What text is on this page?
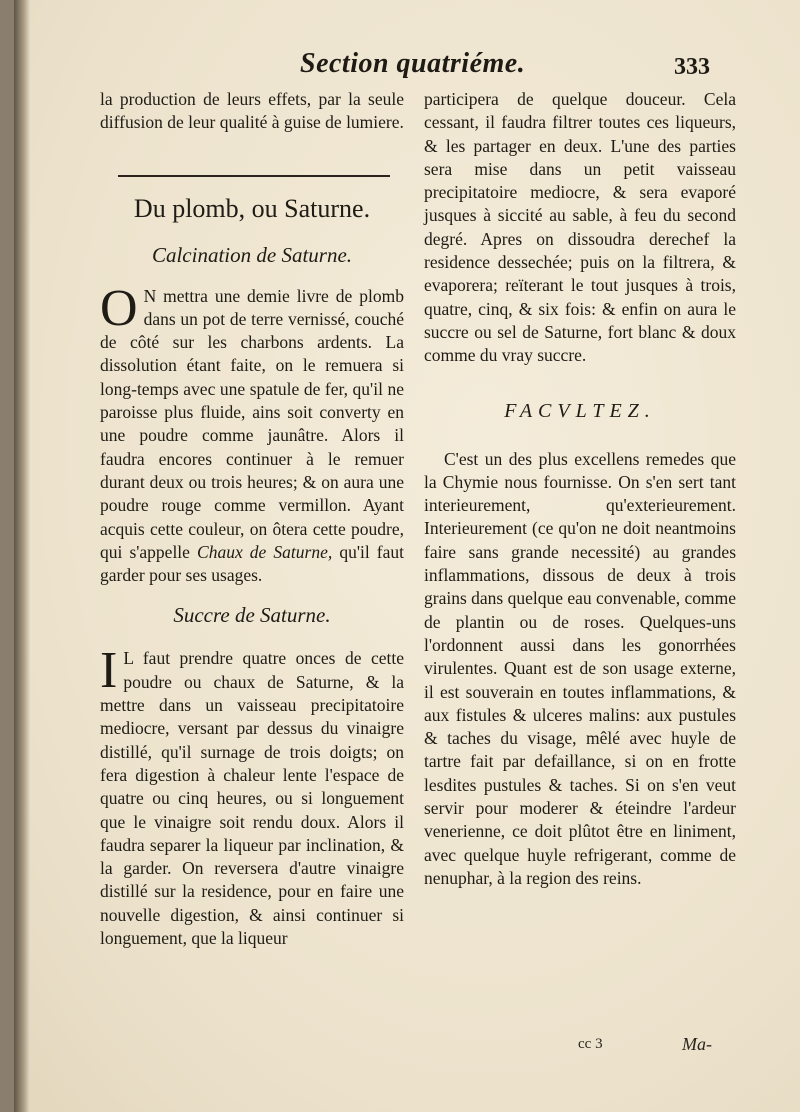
Section quatriéme.	333

la production de leurs effets, par la seule diffusion de leur qualité à guise de lumiere.

Du plomb, ou Saturne.
Calcination de Saturne.

O N mettra une demie livre de plomb dans un pot de terre vernissé, couché de côté sur les charbons ardents. La dissolution étant faite, on le remuera si long-temps avec une spatule de fer, qu'il ne paroisse plus fluide, ains soit converty en une poudre comme jaunâtre. Alors il faudra encores continuer à le remuer durant deux ou trois heures; & on aura une poudre rouge comme vermillon. Ayant acquis cette couleur, on ôtera cette poudre, qui s'appelle Chaux de Saturne, qu'il faut garder pour ses usages.

Succre de Saturne.

I L faut prendre quatre onces de cette poudre ou chaux de Saturne, & la mettre dans un vaisseau precipitatoire mediocre, versant par dessus du vinaigre distillé, qu'il surnage de trois doigts; on fera digestion à chaleur lente l'espace de quatre ou cinq heures, ou si longuement que le vinaigre soit rendu doux. Alors il faudra separer la liqueur par inclination, & la garder. On reversera d'autre vinaigre distillé sur la residence, pour en faire une nouvelle digestion, & ainsi continuer si longuement, que la liqueur

participera de quelque douceur. Cela cessant, il faudra filtrer toutes ces liqueurs, & les partager en deux. L'une des parties sera mise dans un petit vaisseau precipitatoire mediocre, & sera evaporé jusques à siccité au sable, à feu du second degré. Apres on dissoudra derechef la residence dessechée; puis on la filtrera, & evaporera; reïterant le tout jusques à trois, quatre, cinq, & six fois: & enfin on aura le succre ou sel de Saturne, fort blanc & doux comme du vray succre.

FACVLTEZ.

C'est un des plus excellens remedes que la Chymie nous fournisse. On s'en sert tant interieurement, qu'exterieurement. Interieurement (ce qu'on ne doit neantmoins faire sans grande necessité) au grandes inflammations, dissous de deux à trois grains dans quelque eau convenable, comme de plantin ou de roses. Quelques-uns l'ordonnent aussi dans les gonorrhées virulentes. Quant est de son usage externe, il est souverain en toutes inflammations, & aux fistules & ulceres malins: aux pustules & taches du visage, mêlé avec huyle de tartre fait par defaillance, si on en frotte lesdites pustules & taches. Si on s'en veut servir pour moderer & éteindre l'ardeur venerienne, ce doit plûtot être en liniment, avec quelque huyle refrigerant, comme de nenuphar, à la region des reins.

cc 3	Ma-
